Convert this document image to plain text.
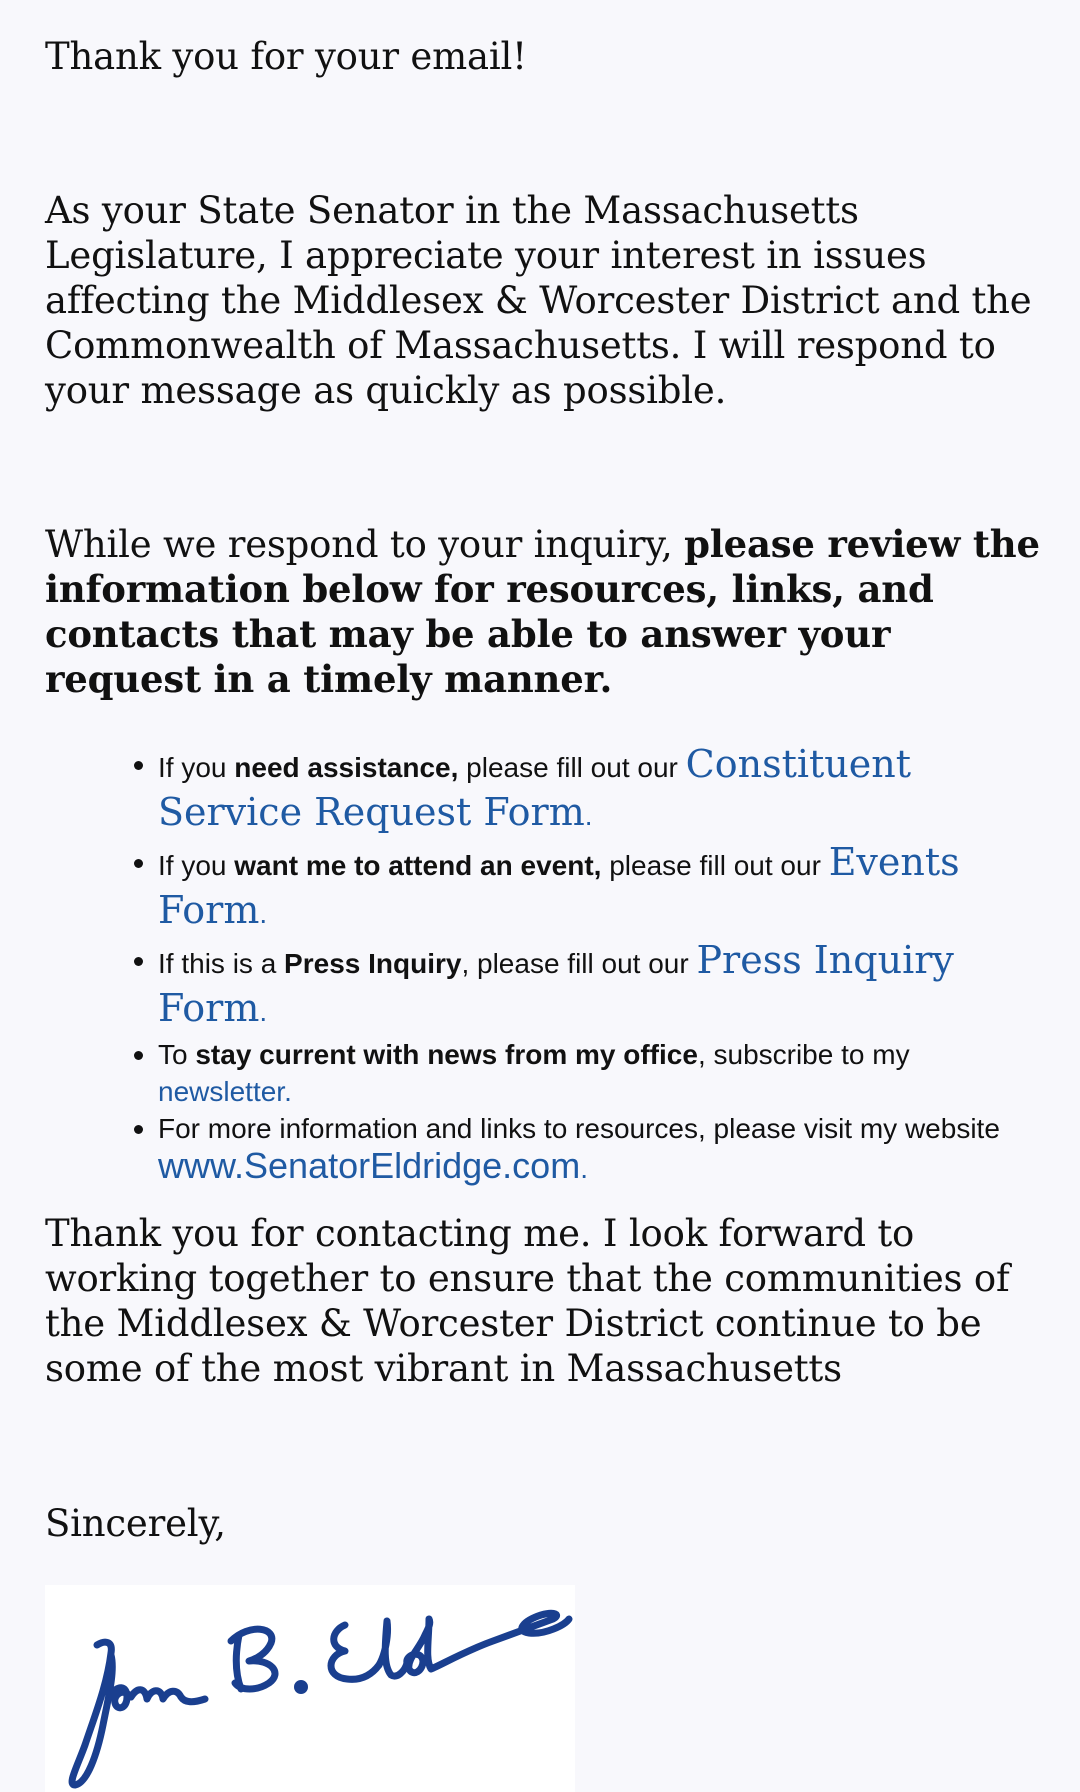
Thank you for your email!

As your State Senator in the Massachusetts Legislature, I appreciate your interest in issues affecting the Middlesex & Worcester District and the Commonwealth of Massachusetts. I will respond to your message as quickly as possible.

While we respond to your inquiry, please review the information below for resources, links, and contacts that may be able to answer your request in a timely manner.

If you need assistance, please fill out our Constituent Service Request Form.
If you want me to attend an event, please fill out our Events Form.
If this is a Press Inquiry, please fill out our Press Inquiry Form.
To stay current with news from my office, subscribe to my newsletter.
For more information and links to resources, please visit my website www.SenatorEldridge.com.

Thank you for contacting me. I look forward to working together to ensure that the communities of the Middlesex & Worcester District continue to be some of the most vibrant in Massachusetts

Sincerely,
